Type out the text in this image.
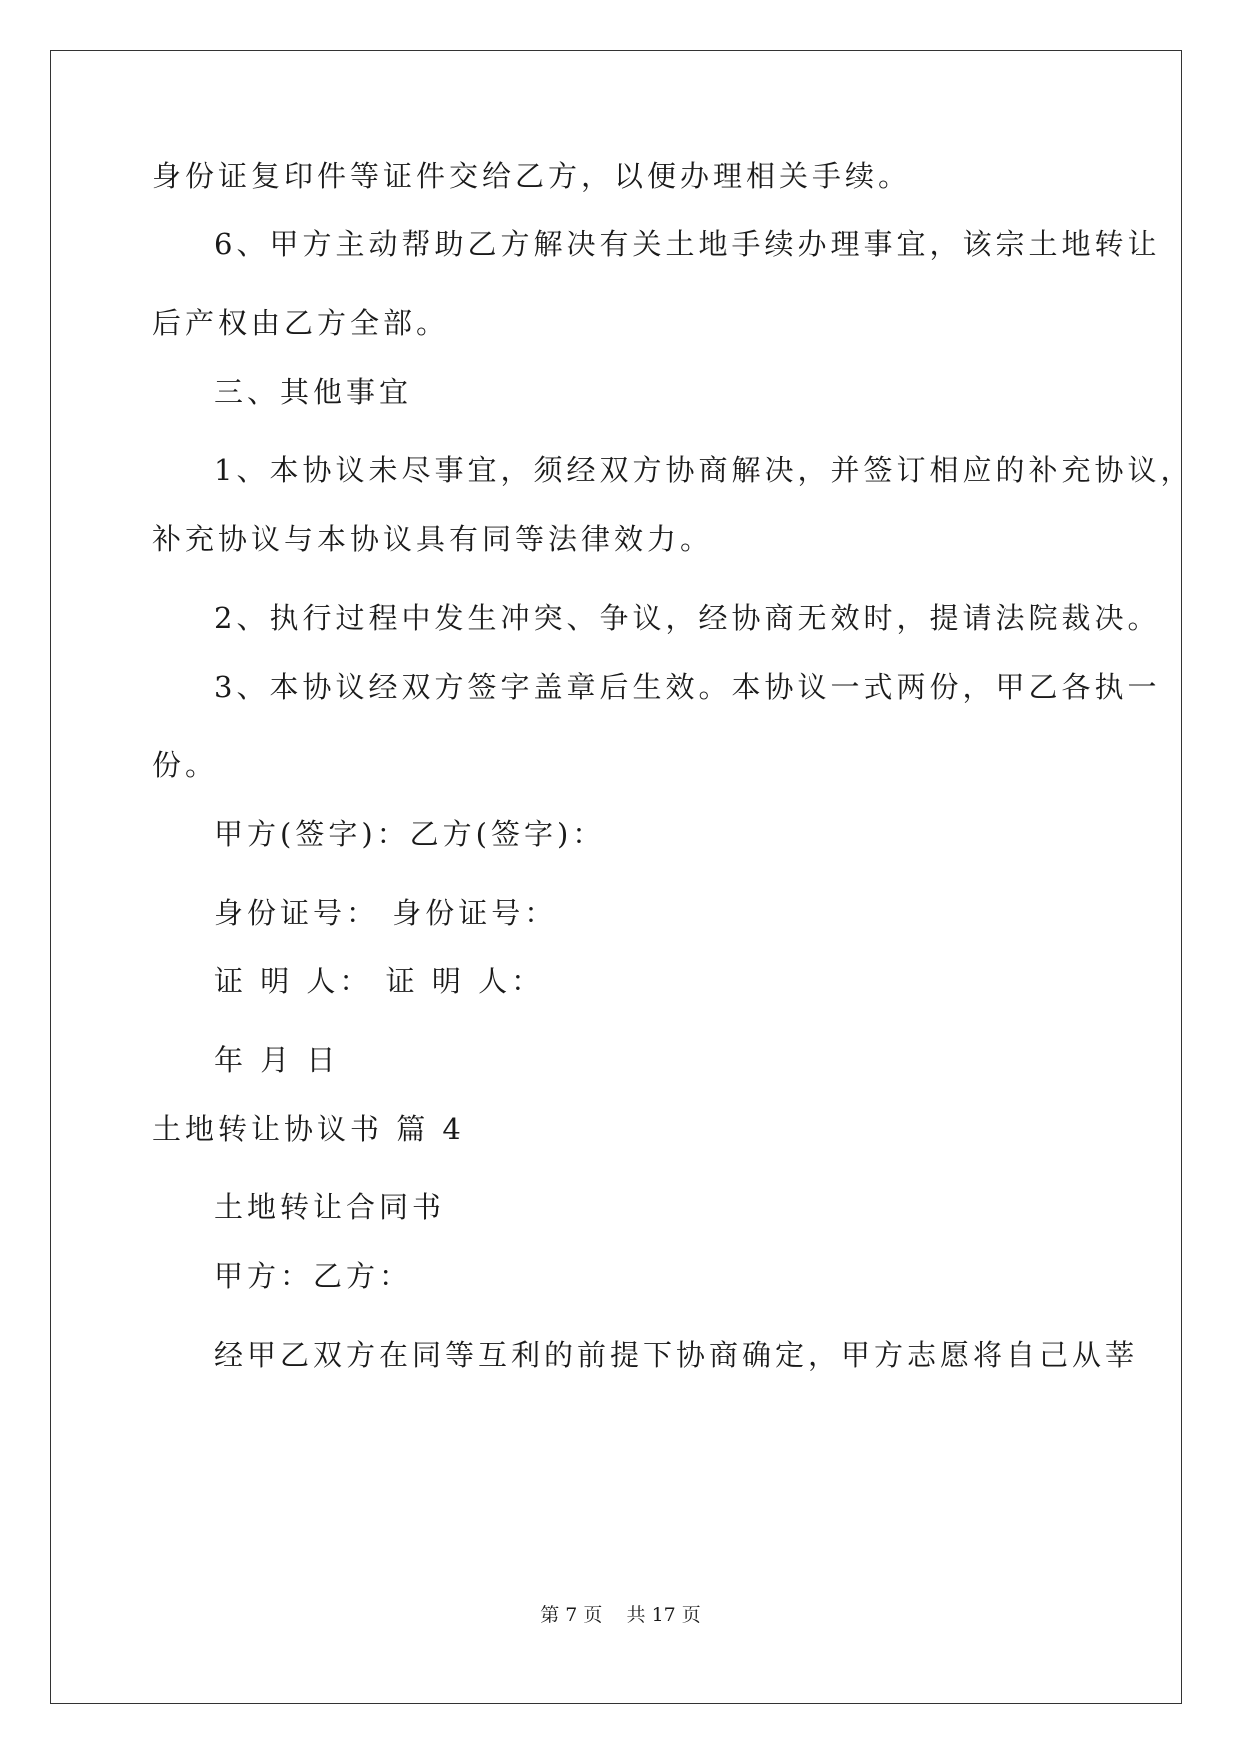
身份证复印件等证件交给乙方，以便办理相关手续。
6、甲方主动帮助乙方解决有关土地手续办理事宜，该宗土地转让
后产权由乙方全部。
三、其他事宜
1、本协议未尽事宜，须经双方协商解决，并签订相应的补充协议，
补充协议与本协议具有同等法律效力。
2、执行过程中发生冲突、争议，经协商无效时，提请法院裁决。
3、本协议经双方签字盖章后生效。本协议一式两份，甲乙各执一
份。
甲方(签字)：乙方(签字)：
身份证号： 身份证号：
证 明 人： 证 明 人：
年 月 日
土地转让协议书 篇 4
土地转让合同书
甲方：乙方：
经甲乙双方在同等互利的前提下协商确定，甲方志愿将自己从莘
第 7 页    共 17 页
